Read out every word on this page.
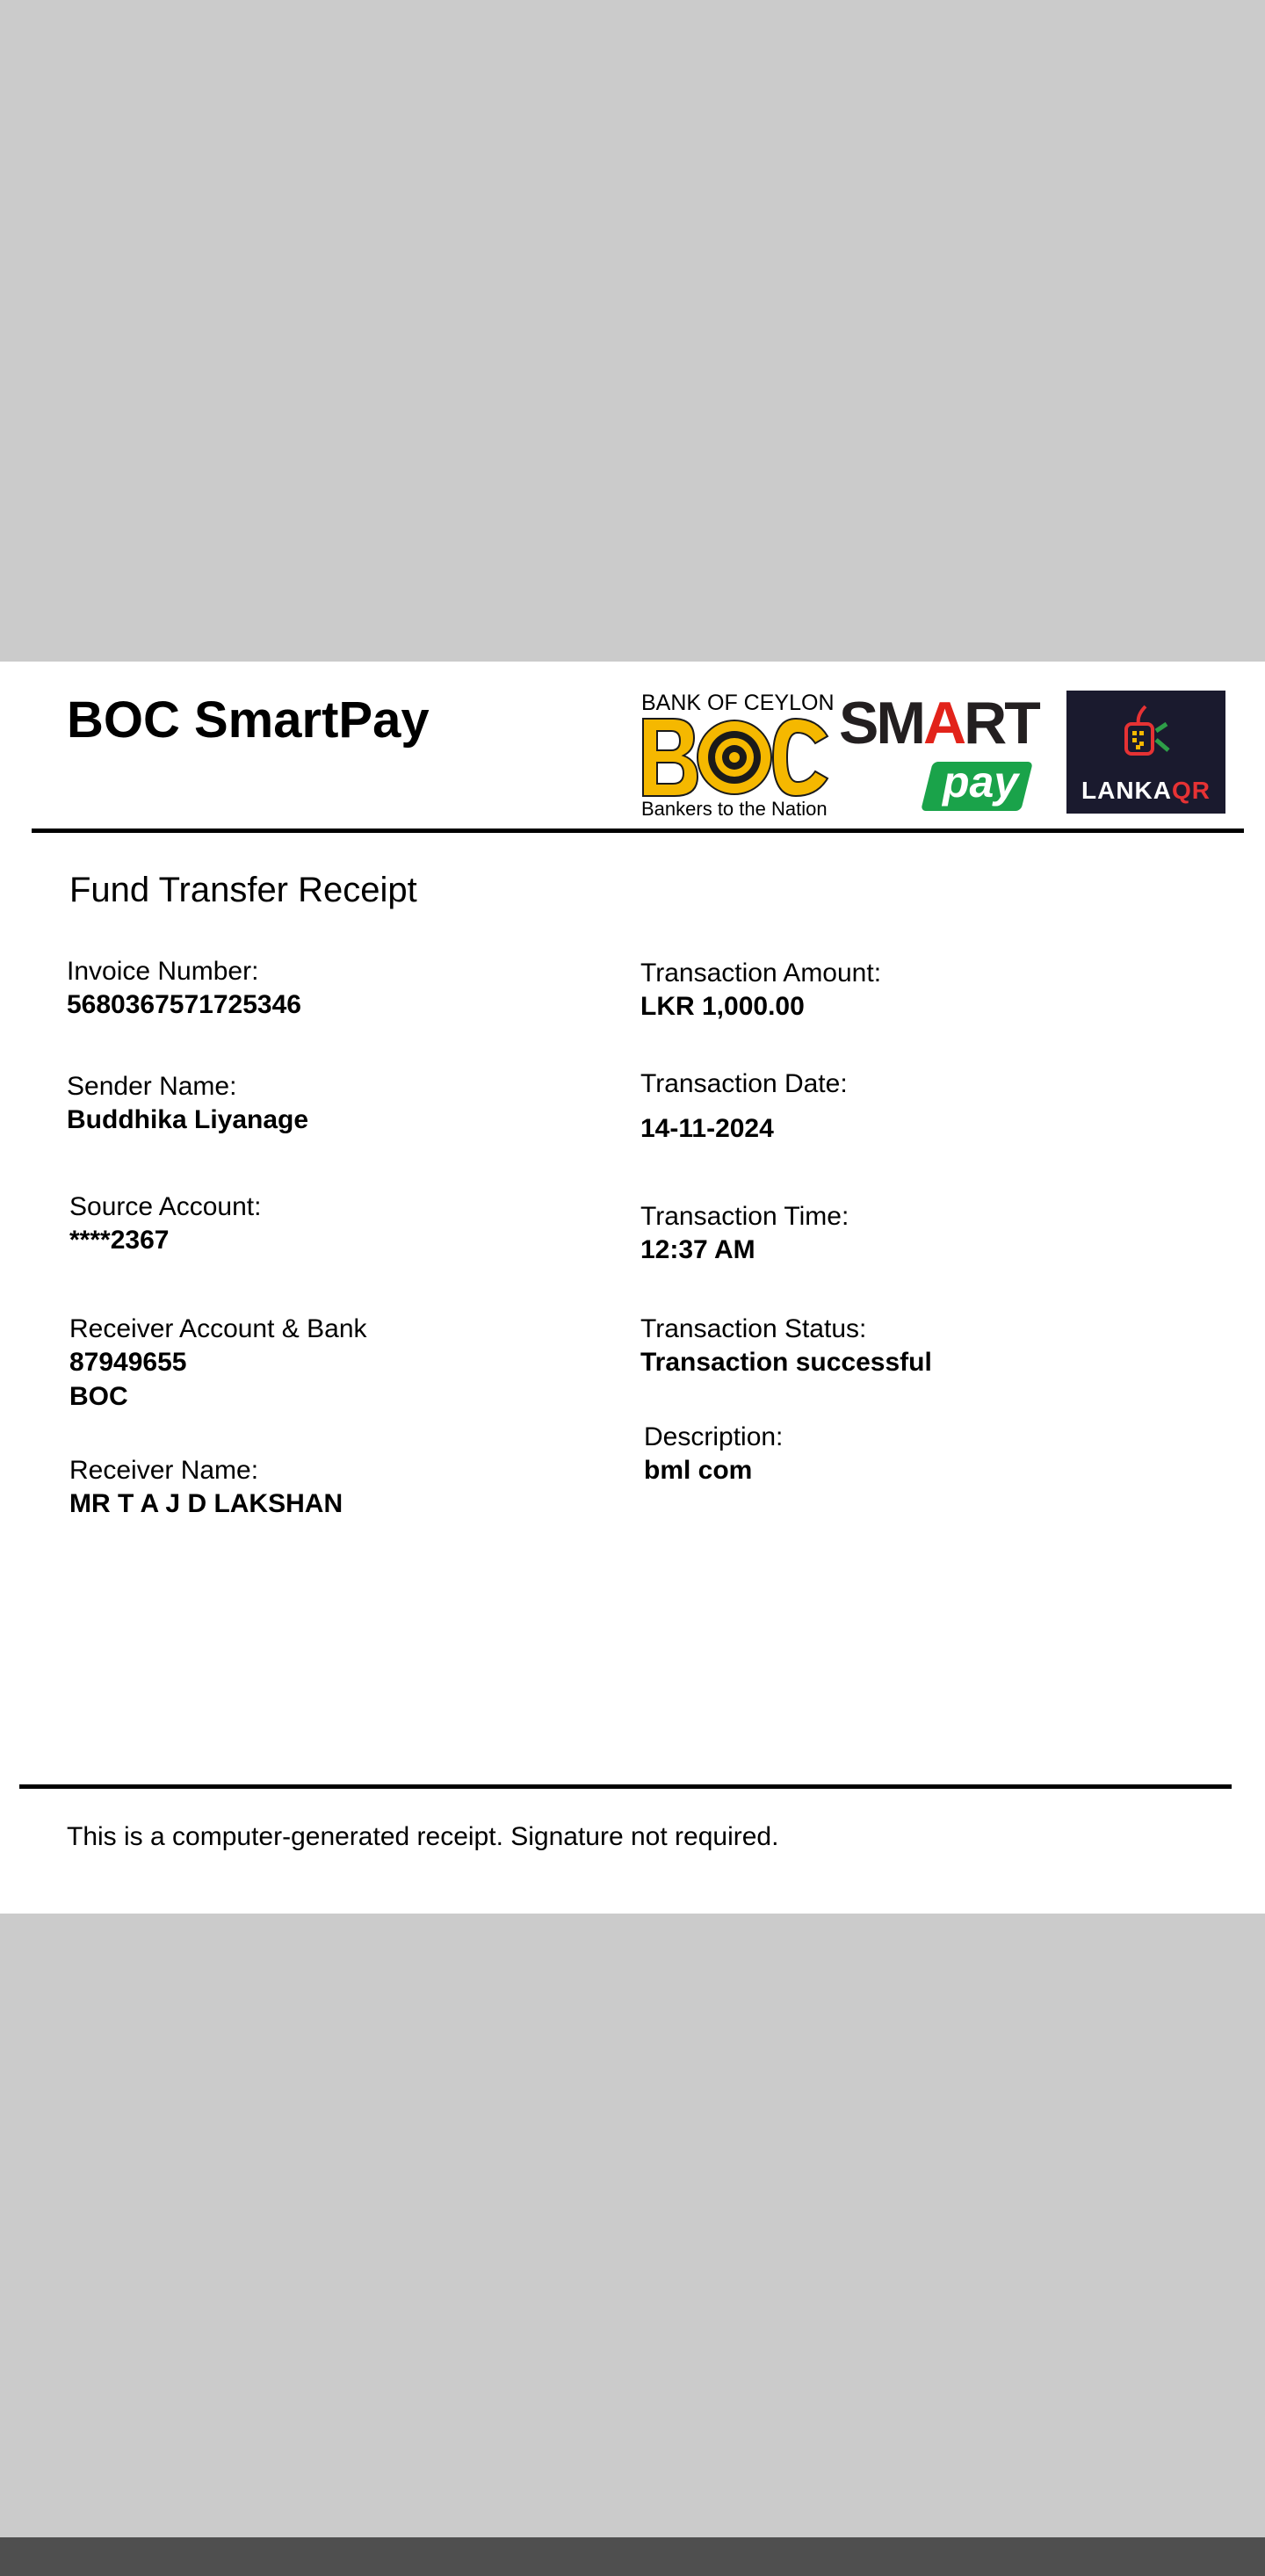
BOC SmartPay	BANK OF CEYLON
Bankers to the Nation
SMART
pay	LANKAQR
Fund Transfer Receipt
Invoice Number:
5680367571725346
Sender Name:
Buddhika Liyanage
Source Account:
****2367
Receiver Account & Bank
87949655
BOC
Receiver Name:
MR T A J D LAKSHAN
Transaction Amount:
LKR 1,000.00
Transaction Date:
14-11-2024
Transaction Time:
12:37 AM
Transaction Status:
Transaction successful
Description:
bml com
This is a computer-generated receipt. Signature not required.
